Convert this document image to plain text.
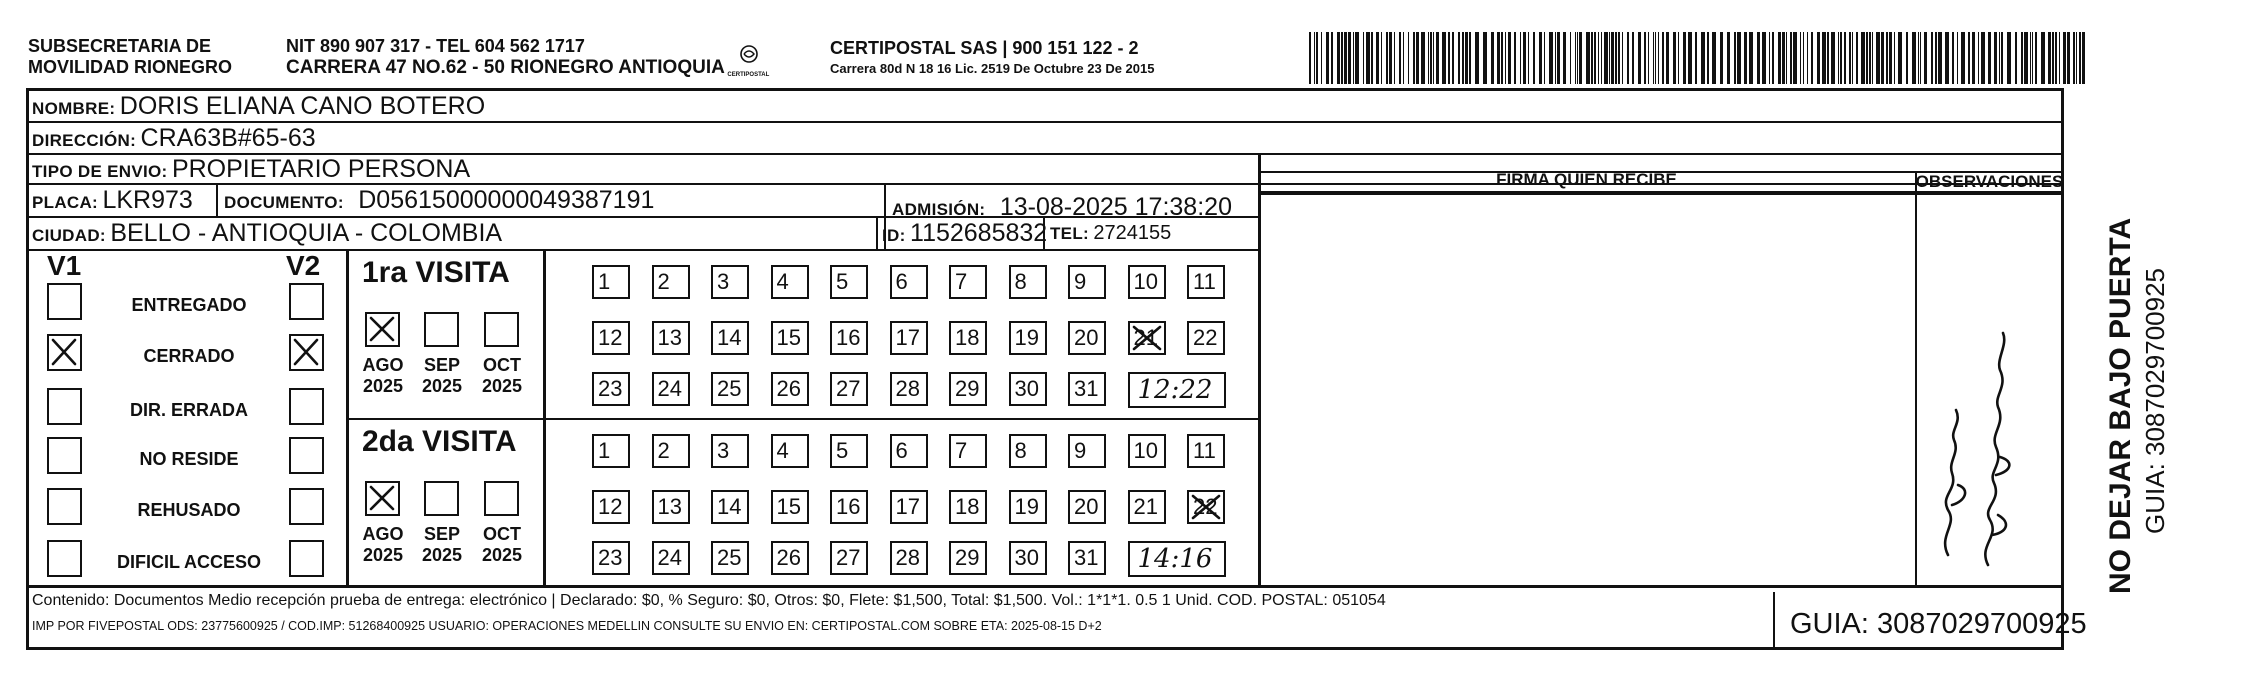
SUBSECRETARIA DE
MOVILIDAD RIONEGRO
NIT 890 907 317 - TEL 604 562 1717
CARRERA 47 NO.62 - 50 RIONEGRO ANTIOQUIA CERTIPOSTAL
CERTIPOSTAL SAS | 900 151 122 - 2
Carrera 80d N 18 16 Lic. 2519 De Octubre 23 De 2015
NOMBRE: DORIS ELIANA CANO BOTERO
DIRECCIÓN: CRA63B#65-63
TIPO DE ENVIO: PROPIETARIO PERSONA
PLACA: LKR973 DOCUMENTO: D05615000000049387191	ADMISIÓN: 13-08-2025 17:38:20
CIUDAD: BELLO - ANTIOQUIA - COLOMBIA	ID: 1152685832 TEL: 2724155
FIRMA QUIEN RECIBE	OBSERVACIONES
V1	V2
ENTREGADO
CERRADO
DIR. ERRADA
NO RESIDE
REHUSADO
DIFICIL ACCESO
1ra VISITA
AGO
2025
SEP
2025
OCT
2025
1	2	3	4	5	6	7	8	9	10	11
12	13	14	15	16	17	18	19	20	21	22
23	24	25	26	27	28	29	30	31	12:22
2da VISITA
AGO
2025
SEP
2025
OCT
2025
1	2	3	4	5	6	7	8	9	10	11
12	13	14	15	16	17	18	19	20	21	22
23	24	25	26	27	28	29	30	31	14:16	NO DEJAR BAJO PUERTA GUIA: 3087029700925
Contenido: Documentos Medio recepción prueba de entrega: electrónico | Declarado: $0, % Seguro: $0, Otros: $0, Flete: $1,500, Total: $1,500. Vol.: 1*1*1. 0.5 1 Unid. COD. POSTAL: 051054
IMP POR FIVEPOSTAL ODS: 23775600925 / COD.IMP: 51268400925 USUARIO: OPERACIONES MEDELLIN CONSULTE SU ENVIO EN: CERTIPOSTAL.COM SOBRE ETA: 2025-08-15 D+2	GUIA: 3087029700925
